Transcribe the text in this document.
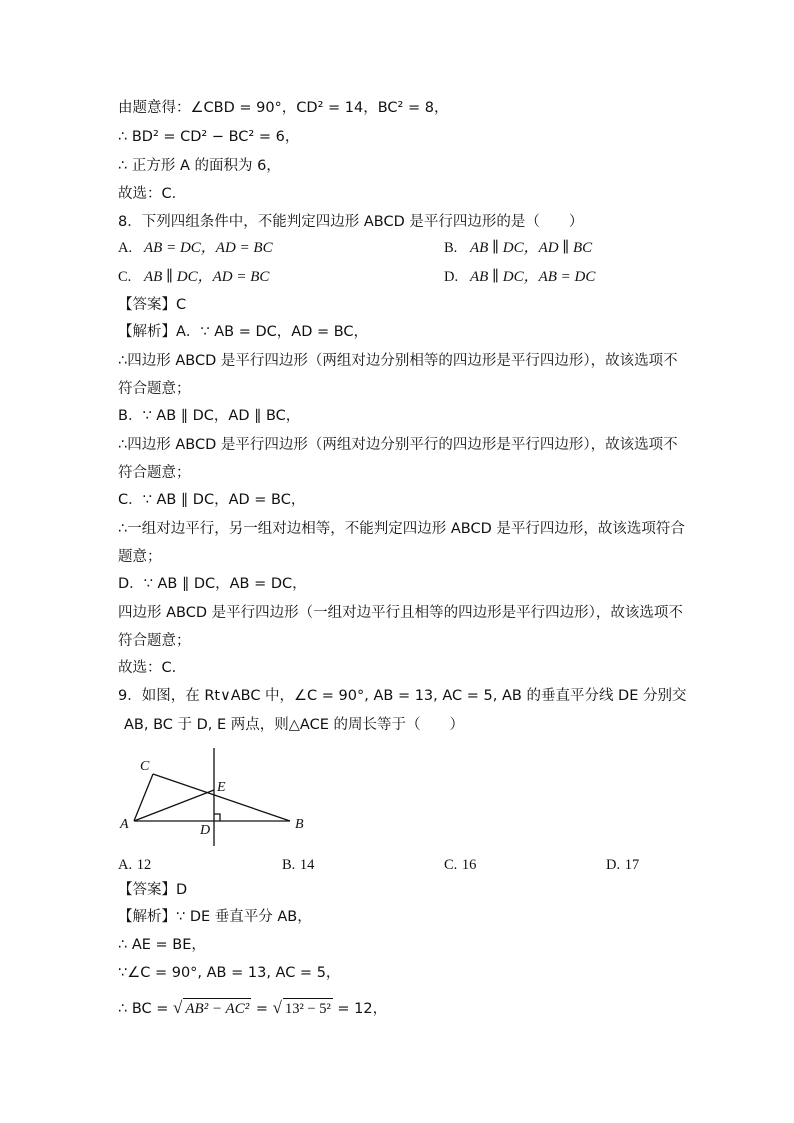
由题意得：∠CBD = 90°，CD² = 14，BC² = 8，
∴ BD² = CD² − BC² = 6，
∴ 正方形 A 的面积为 6，
故选：C．
8．下列四组条件中，不能判定四边形 ABCD 是平行四边形的是（　　）
A. AB = DC，AD = BC	B. AB ∥ DC，AD ∥ BC
C. AB ∥ DC，AD = BC	D. AB ∥ DC，AB = DC
【答案】C
【解析】A．∵ AB = DC，AD = BC，
∴四边形 ABCD 是平行四边形（两组对边分别相等的四边形是平行四边形），故该选项不
符合题意；
B．∵ AB ∥ DC，AD ∥ BC，
∴四边形 ABCD 是平行四边形（两组对边分别平行的四边形是平行四边形），故该选项不
符合题意；
C．∵ AB ∥ DC，AD = BC，
∴一组对边平行，另一组对边相等，不能判定四边形 ABCD 是平行四边形，故该选项符合
题意；
D．∵ AB ∥ DC，AB = DC，
四边形 ABCD 是平行四边形（一组对边平行且相等的四边形是平行四边形），故该选项不
符合题意；
故选：C．
9．如图，在 Rt∨ABC 中，∠C = 90°, AB = 13, AC = 5, AB 的垂直平分线 DE 分别交
AB, BC 于 D, E 两点，则△ACE 的周长等于（　　）
C
E
A	D	B
A. 12	B. 14	C. 16	D. 17
【答案】D
【解析】∵ DE 垂直平分 AB，
∴ AE = BE，
∵∠C = 90°, AB = 13, AC = 5，
∴ BC = √ AB² − AC² = √ 13² − 5² = 12，
